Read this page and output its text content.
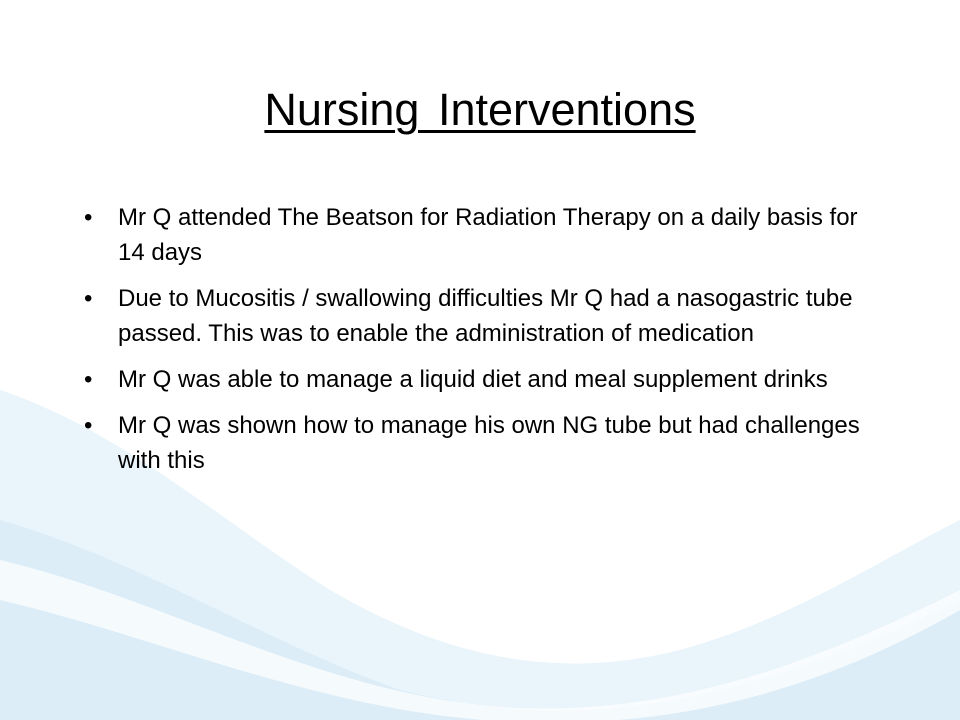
Nursing Interventions
• Mr Q attended The Beatson for Radiation Therapy on a daily basis for 14 days
• Due to Mucositis / swallowing difficulties Mr Q had a nasogastric tube passed. This was to enable the administration of medication
• Mr Q was able to manage a liquid diet and meal supplement drinks
• Mr Q was shown how to manage his own NG tube but had challenges with this
